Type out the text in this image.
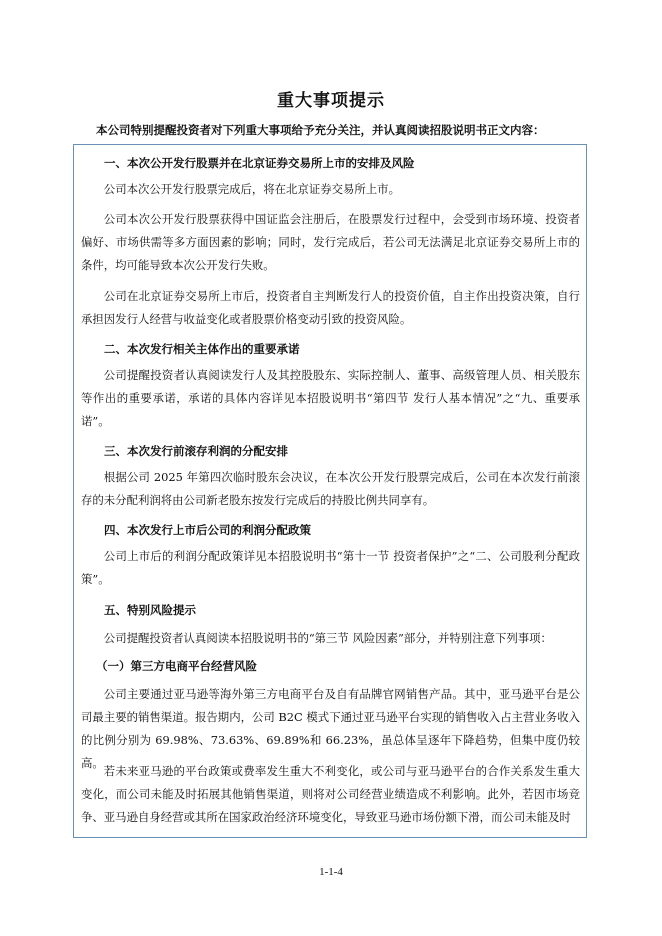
重大事项提示
本公司特别提醒投资者对下列重大事项给予充分关注，并认真阅读招股说明书正文内容：
一、本次公开发行股票并在北京证券交易所上市的安排及风险
公司本次公开发行股票完成后，将在北京证券交易所上市。
公司本次公开发行股票获得中国证监会注册后，在股票发行过程中，会受到市场环境、投资者偏好、市场供需等多方面因素的影响；同时，发行完成后，若公司无法满足北京证券交易所上市的条件，均可能导致本次公开发行失败。
公司在北京证券交易所上市后，投资者自主判断发行人的投资价值，自主作出投资决策，自行承担因发行人经营与收益变化或者股票价格变动引致的投资风险。
二、本次发行相关主体作出的重要承诺
公司提醒投资者认真阅读发行人及其控股股东、实际控制人、董事、高级管理人员、相关股东等作出的重要承诺，承诺的具体内容详见本招股说明书“第四节 发行人基本情况”之“九、重要承诺”。
三、本次发行前滚存利润的分配安排
根据公司 2025 年第四次临时股东会决议，在本次公开发行股票完成后，公司在本次发行前滚存的未分配利润将由公司新老股东按发行完成后的持股比例共同享有。
四、本次发行上市后公司的利润分配政策
公司上市后的利润分配政策详见本招股说明书“第十一节 投资者保护”之“二、公司股利分配政策”。
五、特别风险提示
公司提醒投资者认真阅读本招股说明书的“第三节 风险因素”部分，并特别注意下列事项：
（一）第三方电商平台经营风险
公司主要通过亚马逊等海外第三方电商平台及自有品牌官网销售产品。其中，亚马逊平台是公司最主要的销售渠道。报告期内，公司 B2C 模式下通过亚马逊平台实现的销售收入占主营业务收入的比例分别为 69.98%、73.63%、69.89%和 66.23%，虽总体呈逐年下降趋势，但集中度仍较高。
若未来亚马逊的平台政策或费率发生重大不利变化，或公司与亚马逊平台的合作关系发生重大变化，而公司未能及时拓展其他销售渠道，则将对公司经营业绩造成不利影响。此外，若因市场竞争、亚马逊自身经营或其所在国家政治经济环境变化，导致亚马逊市场份额下滑，而公司未能及时
1-1-4
